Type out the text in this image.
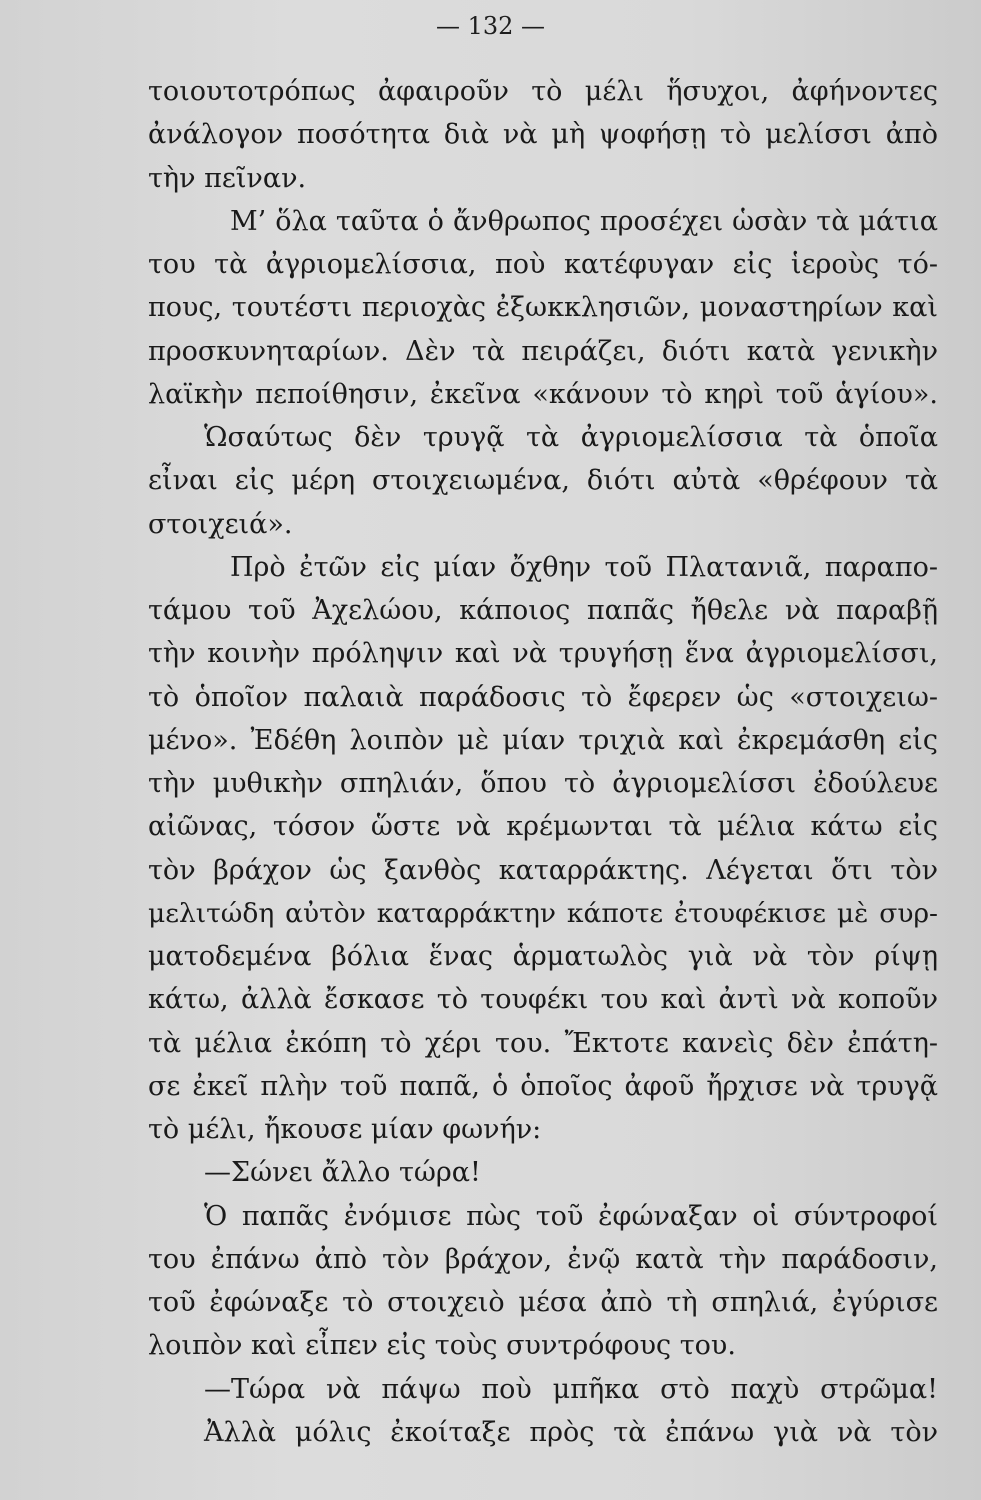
— 132 —
τοιουτοτρόπως ἀφαιροῦν τὸ μέλι ἥσυχοι, ἀφήνοντες
ἀνάλογον ποσότητα διὰ νὰ μὴ ψοφήσῃ τὸ μελίσσι ἀπὸ
τὴν πεῖναν.
Μ’ ὅλα ταῦτα ὁ ἄνθρωπος προσέχει ὡσὰν τὰ μάτια
του τὰ ἀγριομελίσσια, ποὺ κατέφυγαν εἰς ἱεροὺς τό-
πους, τουτέστι περιοχὰς ἐξωκκλησιῶν, μοναστηρίων καὶ
προσκυνηταρίων. Δὲν τὰ πειράζει, διότι κατὰ γενικὴν
λαϊκὴν πεποίθησιν, ἐκεῖνα «κάνουν τὸ κηρὶ τοῦ ἁγίου».
Ὡσαύτως δὲν τρυγᾷ τὰ ἀγριομελίσσια τὰ ὁποῖα
εἶναι εἰς μέρη στοιχειωμένα, διότι αὐτὰ «θρέφουν τὰ
στοιχειά».
Πρὸ ἐτῶν εἰς μίαν ὄχθην τοῦ Πλατανιᾶ, παραπο-
τάμου τοῦ Ἀχελώου, κάποιος παπᾶς ἤθελε νὰ παραβῇ
τὴν κοινὴν πρόληψιν καὶ νὰ τρυγήσῃ ἕνα ἀγριομελίσσι,
τὸ ὁποῖον παλαιὰ παράδοσις τὸ ἔφερεν ὡς «στοιχειω-
μένο». Ἐδέθη λοιπὸν μὲ μίαν τριχιὰ καὶ ἐκρεμάσθη εἰς
τὴν μυθικὴν σπηλιάν, ὅπου τὸ ἀγριομελίσσι ἐδούλευε
αἰῶνας, τόσον ὥστε νὰ κρέμωνται τὰ μέλια κάτω εἰς
τὸν βράχον ὡς ξανθὸς καταρράκτης. Λέγεται ὅτι τὸν
μελιτώδη αὐτὸν καταρράκτην κάποτε ἐτουφέκισε μὲ συρ-
ματοδεμένα βόλια ἕνας ἁρματωλὸς γιὰ νὰ τὸν ρίψῃ
κάτω, ἀλλὰ ἔσκασε τὸ τουφέκι του καὶ ἀντὶ νὰ κοποῦν
τὰ μέλια ἐκόπη τὸ χέρι του. Ἔκτοτε κανεὶς δὲν ἐπάτη-
σε ἐκεῖ πλὴν τοῦ παπᾶ, ὁ ὁποῖος ἀφοῦ ἤρχισε νὰ τρυγᾷ
τὸ μέλι, ἤκουσε μίαν φωνήν:
—Σώνει ἄλλο τώρα!
Ὁ παπᾶς ἐνόμισε πὼς τοῦ ἐφώναξαν οἱ σύντροφοί
του ἐπάνω ἀπὸ τὸν βράχον, ἐνῷ κατὰ τὴν παράδοσιν,
τοῦ ἐφώναξε τὸ στοιχειὸ μέσα ἀπὸ τὴ σπηλιά, ἐγύρισε
λοιπὸν καὶ εἶπεν εἰς τοὺς συντρόφους του.
—Τώρα νὰ πάψω ποὺ μπῆκα στὸ παχὺ στρῶμα!
Ἀλλὰ μόλις ἐκοίταξε πρὸς τὰ ἐπάνω γιὰ νὰ τὸν
